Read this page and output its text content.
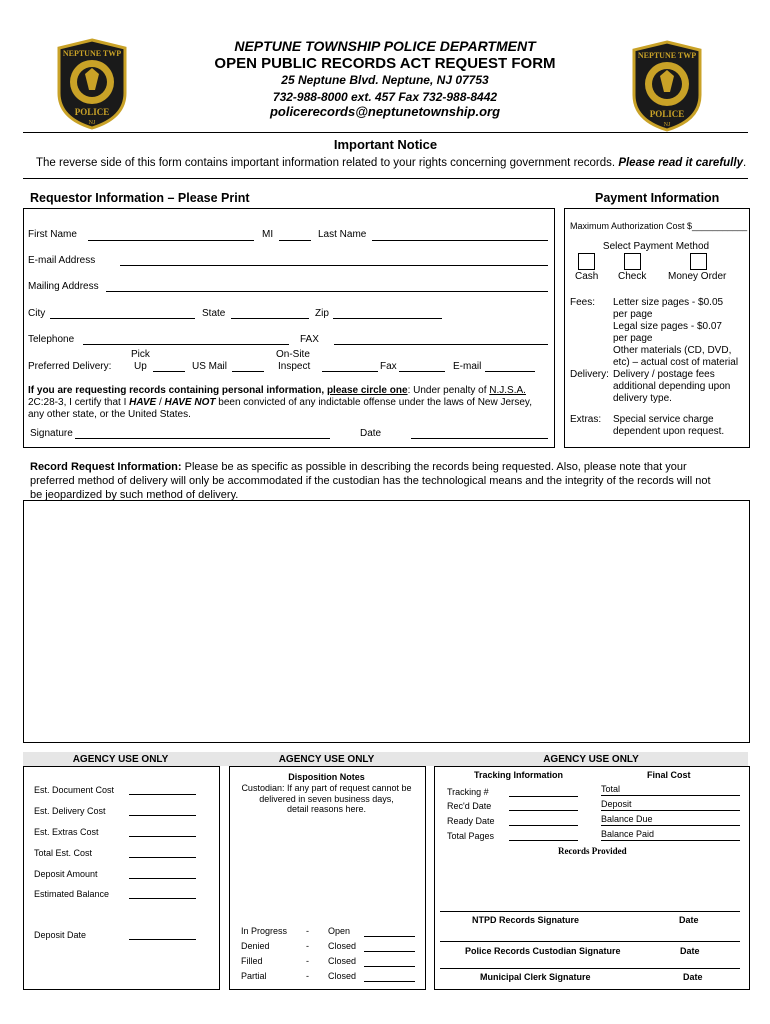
NEPTUNE TWP
POLICE
NJ
NEPTUNE TWP
POLICE
NJ
NEPTUNE TOWNSHIP POLICE DEPARTMENT
OPEN PUBLIC RECORDS ACT REQUEST FORM
25 Neptune Blvd. Neptune, NJ 07753
732-988-8000 ext. 457 Fax 732-988-8442
policerecords@neptunetownship.org
Important Notice
The reverse side of this form contains important information related to your rights concerning government records. Please read it carefully.
Requestor Information – Please Print	Payment Information
First Name	MI	Last Name
E-mail Address
Mailing Address
City	State	Zip
Telephone	FAX
Pick	On-Site
Preferred Delivery: Up	US Mail	Inspect	Fax	E-mail
If you are requesting records containing personal information, please circle one: Under penalty of N.J.S.A.
2C:28-3, I certify that I HAVE / HAVE NOT been convicted of any indictable offense under the laws of New Jersey,
any other state, or the United States.
Signature	Date
Maximum Authorization Cost $___________
Select Payment Method
Cash Check Money Order
Fees: Letter size pages - $0.05
per page
Legal size pages - $0.07
per page
Other materials (CD, DVD,
etc) – actual cost of material
Delivery: Delivery / postage fees
additional depending upon
delivery type.
Extras: Special service charge
dependent upon request.
Record Request Information: Please be as specific as possible in describing the records being requested. Also, please note that your
preferred method of delivery will only be accommodated if the custodian has the technological means and the integrity of the records will not
be jeopardized by such method of delivery.
AGENCY USE ONLY	AGENCY USE ONLY	AGENCY USE ONLY
Est. Document Cost
Est. Delivery Cost
Est. Extras Cost
Total Est. Cost
Deposit Amount
Estimated Balance
Deposit Date
Disposition Notes
Custodian: If any part of request cannot be
delivered in seven business days,
detail reasons here.
In Progress - Open
Denied	- Closed
Filled	- Closed
Partial	- Closed
Tracking Information	Final Cost
Tracking #
Rec'd Date
Ready Date
Total Pages
Total
Deposit
Balance Due
Balance Paid
Records Provided
NTPD Records Signature	Date
Police Records Custodian Signature	Date
Municipal Clerk Signature	Date
